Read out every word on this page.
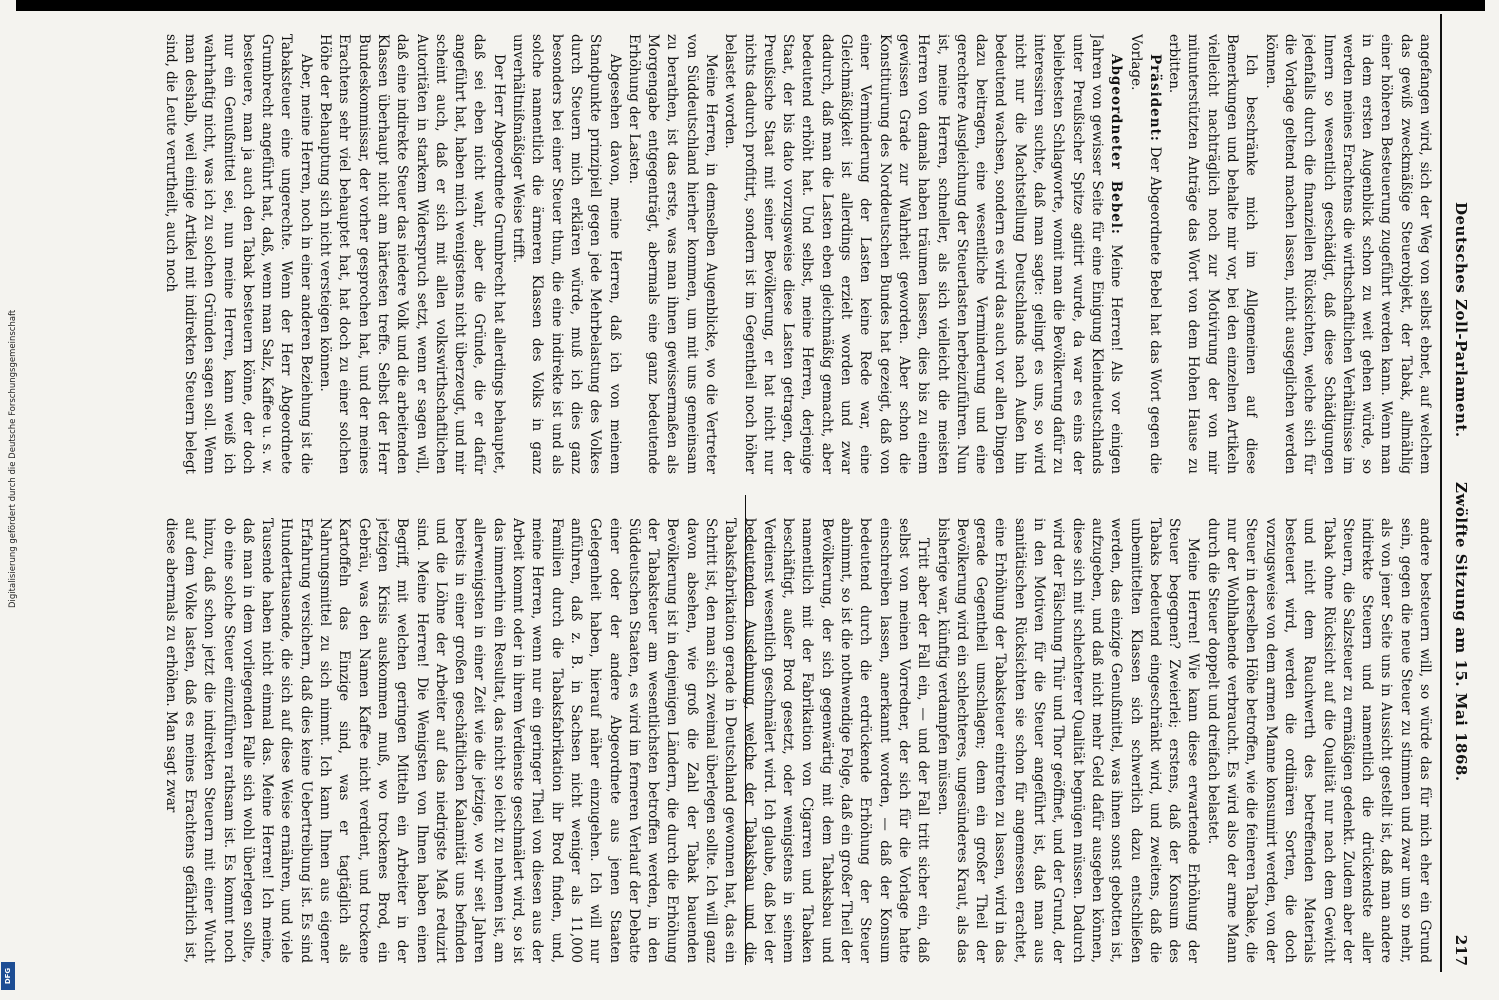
Digitalisierung gefördert durch die Deutsche Forschungsgemeinschaft
DFG
Deutsches Zoll-Parlament.
Zwölfte Sitzung am 15. Mai 1868.
217

angefangen wird, sich der Weg von selbst ebnet, auf welchem das gewiß zweckmäßige Steuerobjekt, der Tabak, allmählig einer höheren Besteuerung zugeführt werden kann. Wenn man in dem ersten Augenblick schon zu weit gehen würde, so werden meines Erachtens die wirthschaftlichen Verhältnisse im Innern so wesentlich geschädigt, daß diese Schädigungen jedenfalls durch die finanziellen Rücksichten, welche sich für die Vorlage geltend machen lassen, nicht ausgeglichen werden können.

Ich beschränke mich im Allgemeinen auf diese Bemerkungen und behalte mir vor, bei den einzelnen Artikeln vielleicht nachträglich noch zur Motivirung der von mir mitunterstützten Anträge das Wort von dem Hohen Hause zu erbitten.

Präsident: Der Abgeordnete Bebel hat das Wort gegen die Vorlage.

Abgeordneter Bebel: Meine Herren! Als vor einigen Jahren von gewisser Seite für eine Einigung Kleindeutschlands unter Preußischer Spitze agitirt wurde, da war es eins der beliebtesten Schlagworte, womit man die Bevölkerung dafür zu interessiren suchte, daß man sagte: gelingt es uns, so wird nicht nur die Machtstellung Deutschlands nach Außen hin bedeutend wachsen, sondern es wird das auch vor allen Dingen dazu beitragen, eine wesentliche Verminderung und eine gerechtere Ausgleichung der Steuerlasten herbeizuführen. Nun ist, meine Herren, schneller, als sich vielleicht die meisten Herren von damals haben träumen lassen, dies bis zu einem gewissen Grade zur Wahrheit geworden. Aber schon die Konstituirung des Norddeutschen Bundes hat gezeigt, daß von einer Verminderung der Lasten keine Rede war, eine Gleichmäßigkeit ist allerdings erzielt worden und zwar dadurch, daß man die Lasten eben gleichmäßig gemacht, aber bedeutend erhöht hat. Und selbst, meine Herren, derjenige Staat, der bis dato vorzugsweise diese Lasten getragen, der Preußische Staat mit seiner Bevölkerung, er hat nicht nur nichts dadurch profitirt, sondern ist im Gegentheil noch höher belastet worden.

Meine Herren, in demselben Augenblicke, wo die Vertreter von Süddeutschland hierher kommen, um mit uns gemeinsam zu berathen, ist das erste, was man ihnen gewissermaßen als Morgengabe entgegenträgt, abermals eine ganz bedeutende Erhöhung der Lasten.

Abgesehen davon, meine Herren, daß ich von meinem Standpunkte prinzipiell gegen jede Mehrbelastung des Volkes durch Steuern mich erklären würde, muß ich dies ganz besonders bei einer Steuer thun, die eine indirekte ist und als solche namentlich die ärmeren Klassen des Volks in ganz unverhältnißmäßiger Weise trifft.

Der Herr Abgeordnete Grumbrecht hat allerdings behauptet, daß sei eben nicht wahr, aber die Gründe, die er dafür angeführt hat, haben mich wenigstens nicht überzeugt, und mir scheint auch, daß er sich mit allen volkswirthschaftlichen Autoritäten in starkem Widerspruch setzt, wenn er sagen will, daß eine indirekte Steuer das niedere Volk und die arbeitenden Klassen überhaupt nicht am härtesten treffe. Selbst der Herr Bundeskommissar, der vorher gesprochen hat, und der meines Erachtens sehr viel behauptet hat, hat doch zu einer solchen Höhe der Behauptung sich nicht versteigen können.

Aber, meine Herren, noch in einer anderen Beziehung ist die Tabaksteuer eine ungerechte. Wenn der Herr Abgeordnete Grumbrecht angeführt hat, daß, wenn man Salz, Kaffee u. s. w. besteuere, man ja auch den Tabak besteuern könne, der doch nur ein Genußmittel sei, nun meine Herren, kann weiß ich wahrhaftig nicht, was ich zu solchen Gründen sagen soll. Wenn man deshalb, weil einige Artikel mit indirekten Steuern belegt sind, die Leute verurtheilt, auch noch

andere besteuern will, so würde das für mich eher ein Grund sein, gegen die neue Steuer zu stimmen und zwar um so mehr, als von jener Seite uns in Aussicht gestellt ist, daß man andere indirekte Steuern und namentlich die drückendste aller Steuern, die Salzsteuer zu ermäßigen gedenkt. Zudem aber der Tabak ohne Rücksicht auf die Qualität nur nach dem Gewicht und nicht dem Rauchwerth des betreffenden Materials besteuert wird, werden die ordinären Sorten, die doch vorzugsweise von dem armen Manne konsumirt werden, von der Steuer in derselben Höhe betroffen, wie die feineren Tabake, die nur der Wohlhabende verbraucht. Es wird also der arme Mann durch die Steuer doppelt und dreifach belastet.

Meine Herren! Wie kann diese erwartende Erhöhung der Steuer begegnen? Zweierlei; erstens, daß der Konsum des Tabaks bedeutend eingeschränkt wird, und zweitens, daß die unbemittelten Klassen sich schwerlich dazu entschließen werden, das einzige Genußmittel, was ihnen sonst gebotten ist, aufzugeben, und daß nicht mehr Geld dafür ausgeben können, diese sich mit schlechterer Qualität begnügen müssen. Dadurch wird der Fälschung Thür und Thor geöffnet, und der Grund, der in den Motiven für die Steuer angeführt ist, daß man aus sanitätischen Rücksichten sie schon für angemessen erachtet, eine Erhöhung der Tabaksteuer eintreten zu lassen, wird in das gerade Gegentheil umschlagen; denn ein großer Theil der Bevölkerung wird ein schlechteres, ungesünderes Kraut, als das bisherige war, künftig verdampfen müssen.

Tritt aber der Fall ein, — und der Fall tritt sicher ein, daß selbst von meinen Vorredner, der sich für die Vorlage hatte einschreiben lassen, anerkannt worden, — daß der Konsum bedeutend durch die erdrückende Erhöhung der Steuer abnimmt, so ist die nothwendige Folge, daß ein großer Theil der Bevölkerung, der sich gegenwärtig mit dem Tabaksbau und namentlich mit der Fabrikation von Cigarren und Tabaken beschäftigt, außer Brod gesetzt, oder wenigstens in seinem Verdienst wesentlich geschmälert wird. Ich glaube, daß bei der bedeutenden Ausdehnung, welche der Tabaksbau und die Tabaksfabrikation gerade in Deutschland gewonnen hat, das ein Schritt ist, den man sich zweimal überlegen sollte. Ich will ganz davon absehen, wie groß die Zahl der Tabak bauenden Bevölkerung ist in denjenigen Ländern, die durch die Erhöhung der Tabaksteuer am wesentlichsten betroffen werden, in den Süddeutschen Staaten, es wird im ferneren Verlauf der Debatte einer oder der andere Abgeordnete aus jenen Staaten Gelegenheit haben, hierauf näher einzugehen. Ich will nur anführen, daß z. B. in Sachsen nicht weniger als 11,000 Familien durch die Tabaksfabrikation ihr Brod finden, und, meine Herren, wenn nur ein geringer Theil von diesen aus der Arbeit kommt oder in ihrem Verdienste geschmälert wird, so ist das immerhin ein Resultat, das nicht so leicht zu nehmen ist, am allerwenigsten in einer Zeit wie die jetzige, wo wir seit Jahren bereits in einer großen geschäftlichen Kalamität uns befinden und die Löhne der Arbeiter auf das niedrigste Maß reduzirt sind. Meine Herren! Die Wenigsten von Ihnen haben einen Begriff, mit welchen geringen Mitteln ein Arbeiter in der jetzigen Krisis auskommen muß, wo trockenes Brod, ein Gebräu, was den Namen Kaffee nicht verdient, und trockene Kartoffeln das Einzige sind, was er tagtäglich als Nahrungsmittel zu sich nimmt. Ich kann Ihnen aus eigener Erfahrung versichern, daß dies keine Uebertreibung ist. Es sind Hunderttausende, die sich auf diese Weise ernähren, und viele Tausende haben nicht einmal das. Meine Herren! Ich meine, daß man in dem vorliegenden Falle sich wohl überlegen sollte, ob eine solche Steuer einzuführen rathsam ist. Es kommt noch hinzu, daß schon jetzt die indirekten Steuern mit einer Wucht auf dem Volke lasten, daß es meines Erachtens gefährlich ist, diese abermals zu erhöhen. Man sagt zwar
